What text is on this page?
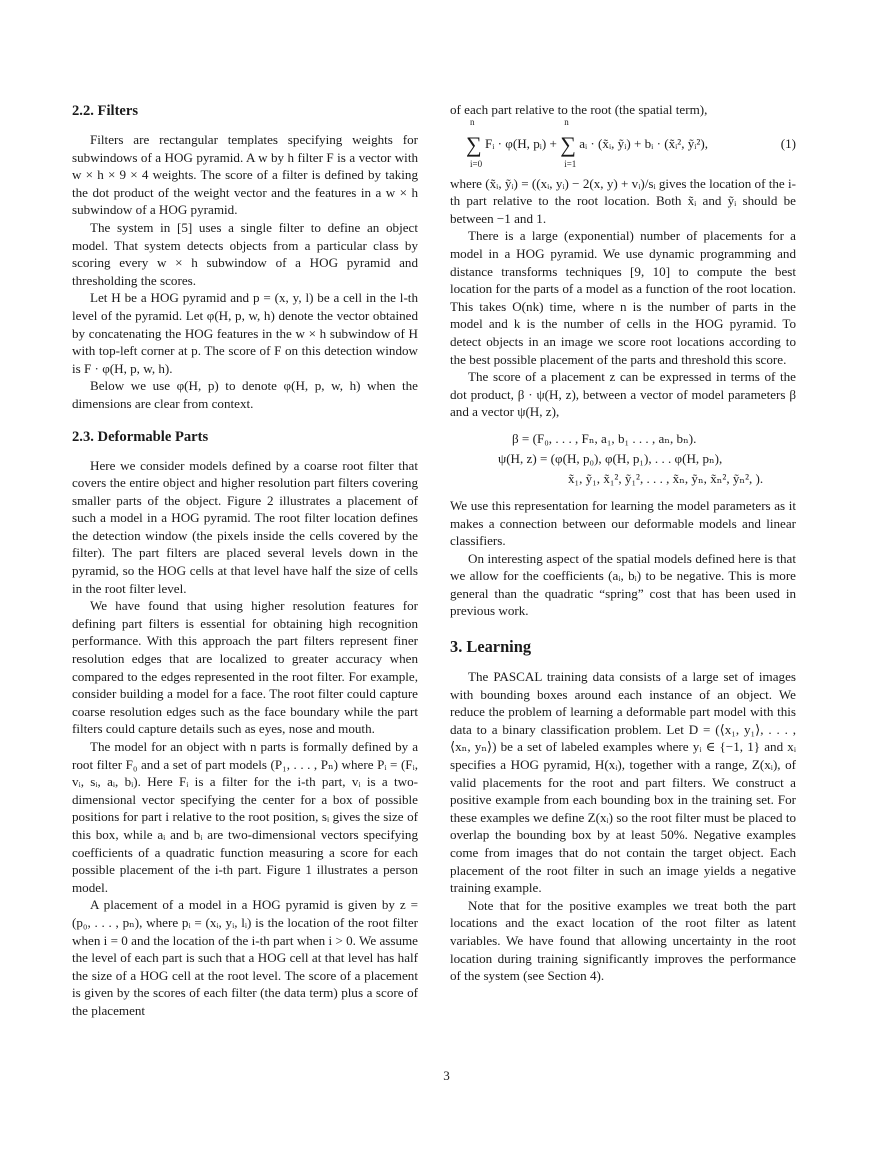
2.2. Filters

Filters are rectangular templates specifying weights for subwindows of a HOG pyramid. A w by h filter F is a vector with w × h × 9 × 4 weights. The score of a filter is defined by taking the dot product of the weight vector and the features in a w × h subwindow of a HOG pyramid.

The system in [5] uses a single filter to define an object model. That system detects objects from a particular class by scoring every w × h subwindow of a HOG pyramid and thresholding the scores.

Let H be a HOG pyramid and p = (x, y, l) be a cell in the l-th level of the pyramid. Let φ(H, p, w, h) denote the vector obtained by concatenating the HOG features in the w × h subwindow of H with top-left corner at p. The score of F on this detection window is F · φ(H, p, w, h).

Below we use φ(H, p) to denote φ(H, p, w, h) when the dimensions are clear from context.

2.3. Deformable Parts

Here we consider models defined by a coarse root filter that covers the entire object and higher resolution part filters covering smaller parts of the object. Figure 2 illustrates a placement of such a model in a HOG pyramid. The root filter location defines the detection window (the pixels inside the cells covered by the filter). The part filters are placed several levels down in the pyramid, so the HOG cells at that level have half the size of cells in the root filter level.

We have found that using higher resolution features for defining part filters is essential for obtaining high recognition performance. With this approach the part filters represent finer resolution edges that are localized to greater accuracy when compared to the edges represented in the root filter. For example, consider building a model for a face. The root filter could capture coarse resolution edges such as the face boundary while the part filters could capture details such as eyes, nose and mouth.

The model for an object with n parts is formally defined by a root filter F₀ and a set of part models (P₁, . . . , Pₙ) where Pᵢ = (Fᵢ, vᵢ, sᵢ, aᵢ, bᵢ). Here Fᵢ is a filter for the i-th part, vᵢ is a two-dimensional vector specifying the center for a box of possible positions for part i relative to the root position, sᵢ gives the size of this box, while aᵢ and bᵢ are two-dimensional vectors specifying coefficients of a quadratic function measuring a score for each possible placement of the i-th part. Figure 1 illustrates a person model.

A placement of a model in a HOG pyramid is given by z = (p₀, . . . , pₙ), where pᵢ = (xᵢ, yᵢ, lᵢ) is the location of the root filter when i = 0 and the location of the i-th part when i > 0. We assume the level of each part is such that a HOG cell at that level has half the size of a HOG cell at the root level. The score of a placement is given by the scores of each filter (the data term) plus a score of the placement

of each part relative to the root (the spatial term),

∑
n
i=0
Fᵢ · φ(H, pᵢ) + ∑
n
i=1
aᵢ · (x̃ᵢ, ỹᵢ) + bᵢ · (x̃ᵢ², ỹᵢ²),	(1)

where (x̃ᵢ, ỹᵢ) = ((xᵢ, yᵢ) − 2(x, y) + vᵢ)/sᵢ gives the location of the i-th part relative to the root location. Both x̃ᵢ and ỹᵢ should be between −1 and 1.

There is a large (exponential) number of placements for a model in a HOG pyramid. We use dynamic programming and distance transforms techniques [9, 10] to compute the best location for the parts of a model as a function of the root location. This takes O(nk) time, where n is the number of parts in the model and k is the number of cells in the HOG pyramid. To detect objects in an image we score root locations according to the best possible placement of the parts and threshold this score.

The score of a placement z can be expressed in terms of the dot product, β · ψ(H, z), between a vector of model parameters β and a vector ψ(H, z),

β = (F₀, . . . , Fₙ, a₁, b₁ . . . , aₙ, bₙ).
ψ(H, z) = (φ(H, p₀), φ(H, p₁), . . . φ(H, pₙ),
x̃₁, ỹ₁, x̃₁², ỹ₁², . . . , x̃ₙ, ỹₙ, x̃ₙ², ỹₙ², ).

We use this representation for learning the model parameters as it makes a connection between our deformable models and linear classifiers.

On interesting aspect of the spatial models defined here is that we allow for the coefficients (aᵢ, bᵢ) to be negative. This is more general than the quadratic “spring” cost that has been used in previous work.

3. Learning

The PASCAL training data consists of a large set of images with bounding boxes around each instance of an object. We reduce the problem of learning a deformable part model with this data to a binary classification problem. Let D = (⟨x₁, y₁⟩, . . . , ⟨xₙ, yₙ⟩) be a set of labeled examples where yᵢ ∈ {−1, 1} and xᵢ specifies a HOG pyramid, H(xᵢ), together with a range, Z(xᵢ), of valid placements for the root and part filters. We construct a positive example from each bounding box in the training set. For these examples we define Z(xᵢ) so the root filter must be placed to overlap the bounding box by at least 50%. Negative examples come from images that do not contain the target object. Each placement of the root filter in such an image yields a negative training example.

Note that for the positive examples we treat both the part locations and the exact location of the root filter as latent variables. We have found that allowing uncertainty in the root location during training significantly improves the performance of the system (see Section 4).

3
